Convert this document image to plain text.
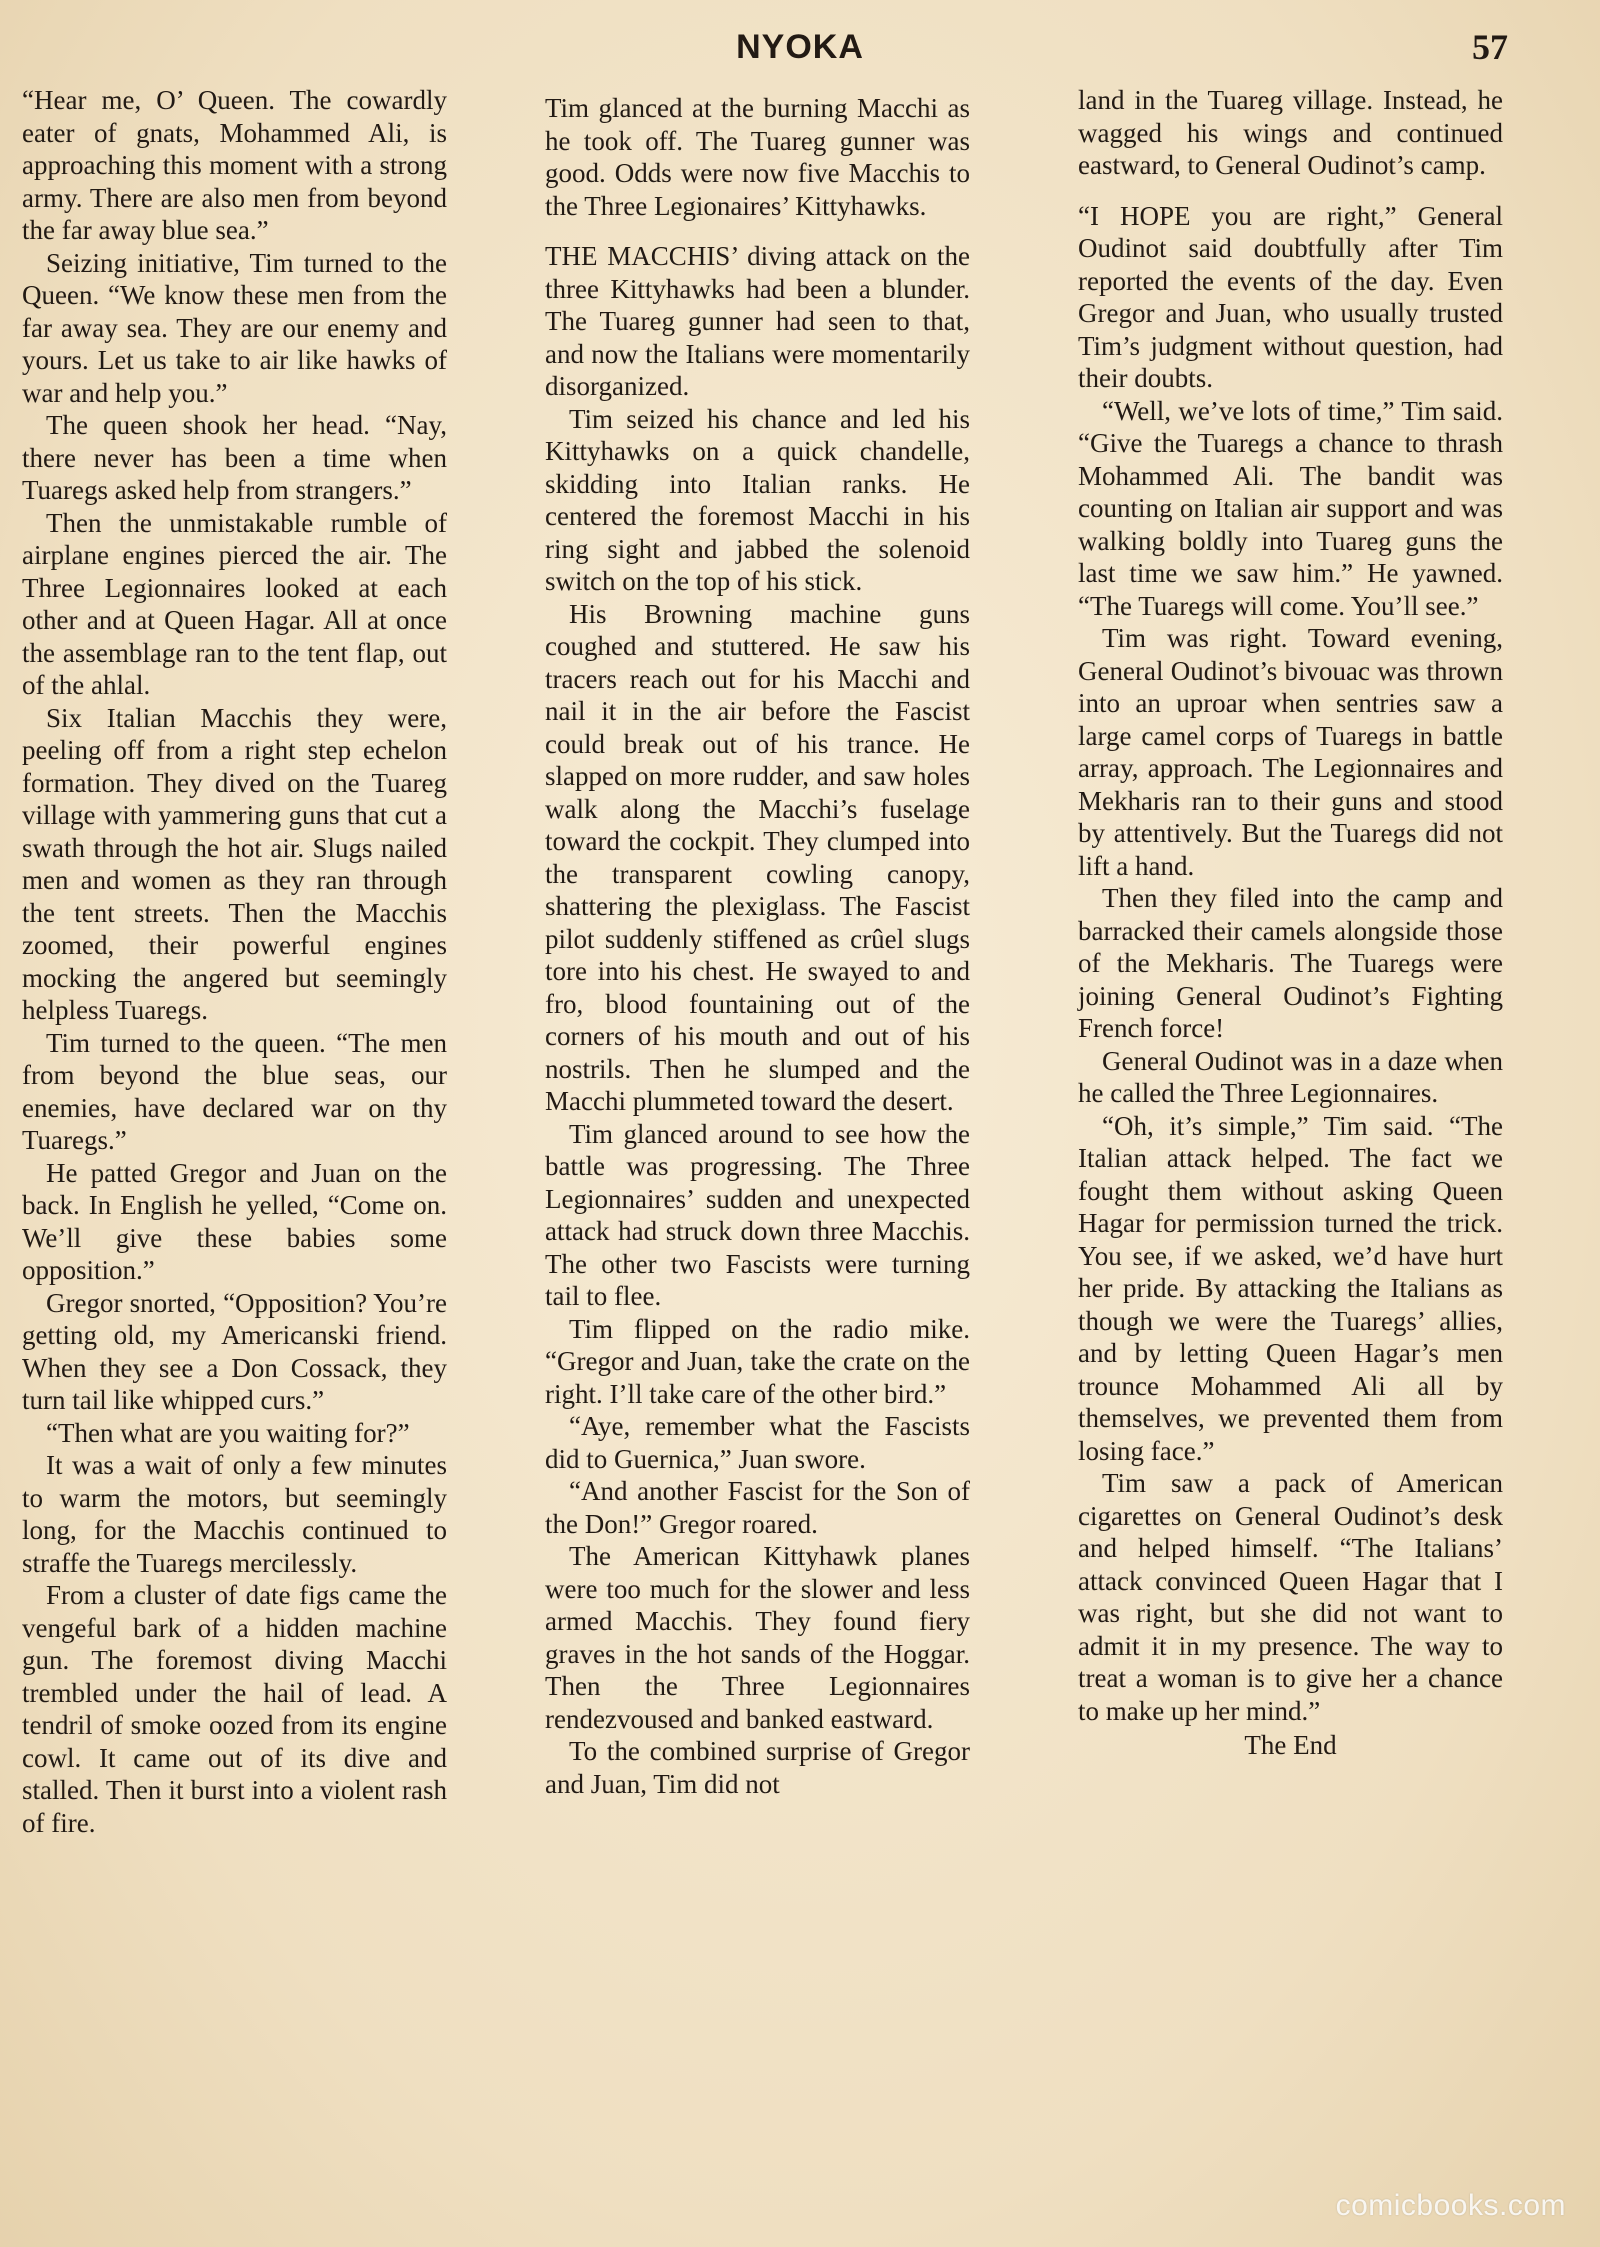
NYOKA	57

“Hear me, O’ Queen. The cowardly eater of gnats, Mohammed Ali, is approaching this moment with a strong army. There are also men from beyond the far away blue sea.”

Seizing initiative, Tim turned to the Queen. “We know these men from the far away sea. They are our enemy and yours. Let us take to air like hawks of war and help you.”

The queen shook her head. “Nay, there never has been a time when Tuaregs asked help from strangers.”

Then the unmistakable rumble of airplane engines pierced the air. The Three Legionnaires looked at each other and at Queen Hagar. All at once the assemblage ran to the tent flap, out of the ahlal.

Six Italian Macchis they were, peeling off from a right step echelon formation. They dived on the Tuareg village with yammering guns that cut a swath through the hot air. Slugs nailed men and women as they ran through the tent streets. Then the Macchis zoomed, their powerful engines mocking the angered but seemingly helpless Tuaregs.

Tim turned to the queen. “The men from beyond the blue seas, our enemies, have declared war on thy Tuaregs.”

He patted Gregor and Juan on the back. In English he yelled, “Come on. We’ll give these babies some opposition.”

Gregor snorted, “Opposition? You’re getting old, my Americanski friend. When they see a Don Cossack, they turn tail like whipped curs.”

“Then what are you waiting for?”

It was a wait of only a few minutes to warm the motors, but seemingly long, for the Macchis continued to straffe the Tuaregs mercilessly.

From a cluster of date figs came the vengeful bark of a hidden machine gun. The foremost diving Macchi trembled under the hail of lead. A tendril of smoke oozed from its engine cowl. It came out of its dive and stalled. Then it burst into a violent rash of fire.

Tim glanced at the burning Macchi as he took off. The Tuareg gunner was good. Odds were now five Macchis to the Three Legionaires’ Kittyhawks.

THE MACCHIS’ diving attack on the three Kittyhawks had been a blunder. The Tuareg gunner had seen to that, and now the Italians were momentarily disorganized.

Tim seized his chance and led his Kittyhawks on a quick chandelle, skidding into Italian ranks. He centered the foremost Macchi in his ring sight and jabbed the solenoid switch on the top of his stick.

His Browning machine guns coughed and stuttered. He saw his tracers reach out for his Macchi and nail it in the air before the Fascist could break out of his trance. He slapped on more rudder, and saw holes walk along the Macchi’s fuselage toward the cockpit. They clumped into the transparent cowling canopy, shattering the plexiglass. The Fascist pilot suddenly stiffened as crûel slugs tore into his chest. He swayed to and fro, blood fountaining out of the corners of his mouth and out of his nostrils. Then he slumped and the Macchi plummeted toward the desert.

Tim glanced around to see how the battle was progressing. The Three Legionnaires’ sudden and unexpected attack had struck down three Macchis. The other two Fascists were turning tail to flee.

Tim flipped on the radio mike. “Gregor and Juan, take the crate on the right. I’ll take care of the other bird.”

“Aye, remember what the Fascists did to Guernica,” Juan swore.

“And another Fascist for the Son of the Don!” Gregor roared.

The American Kittyhawk planes were too much for the slower and less armed Macchis. They found fiery graves in the hot sands of the Hoggar. Then the Three Legionnaires rendezvoused and banked eastward.

To the combined surprise of Gregor and Juan, Tim did not

land in the Tuareg village. Instead, he wagged his wings and continued eastward, to General Oudinot’s camp.

“I HOPE you are right,” General Oudinot said doubtfully after Tim reported the events of the day. Even Gregor and Juan, who usually trusted Tim’s judgment without question, had their doubts.

“Well, we’ve lots of time,” Tim said. “Give the Tuaregs a chance to thrash Mohammed Ali. The bandit was counting on Italian air support and was walking boldly into Tuareg guns the last time we saw him.” He yawned. “The Tuaregs will come. You’ll see.”

Tim was right. Toward evening, General Oudinot’s bivouac was thrown into an uproar when sentries saw a large camel corps of Tuaregs in battle array, approach. The Legionnaires and Mekharis ran to their guns and stood by attentively. But the Tuaregs did not lift a hand.

Then they filed into the camp and barracked their camels alongside those of the Mekharis. The Tuaregs were joining General Oudinot’s Fighting French force!

General Oudinot was in a daze when he called the Three Legionnaires.

“Oh, it’s simple,” Tim said. “The Italian attack helped. The fact we fought them without asking Queen Hagar for permission turned the trick. You see, if we asked, we’d have hurt her pride. By attacking the Italians as though we were the Tuaregs’ allies, and by letting Queen Hagar’s men trounce Mohammed Ali all by themselves, we prevented them from losing face.”

Tim saw a pack of American cigarettes on General Oudinot’s desk and helped himself. “The Italians’ attack convinced Queen Hagar that I was right, but she did not want to admit it in my presence. The way to treat a woman is to give her a chance to make up her mind.”

The End

comicbooks.com
